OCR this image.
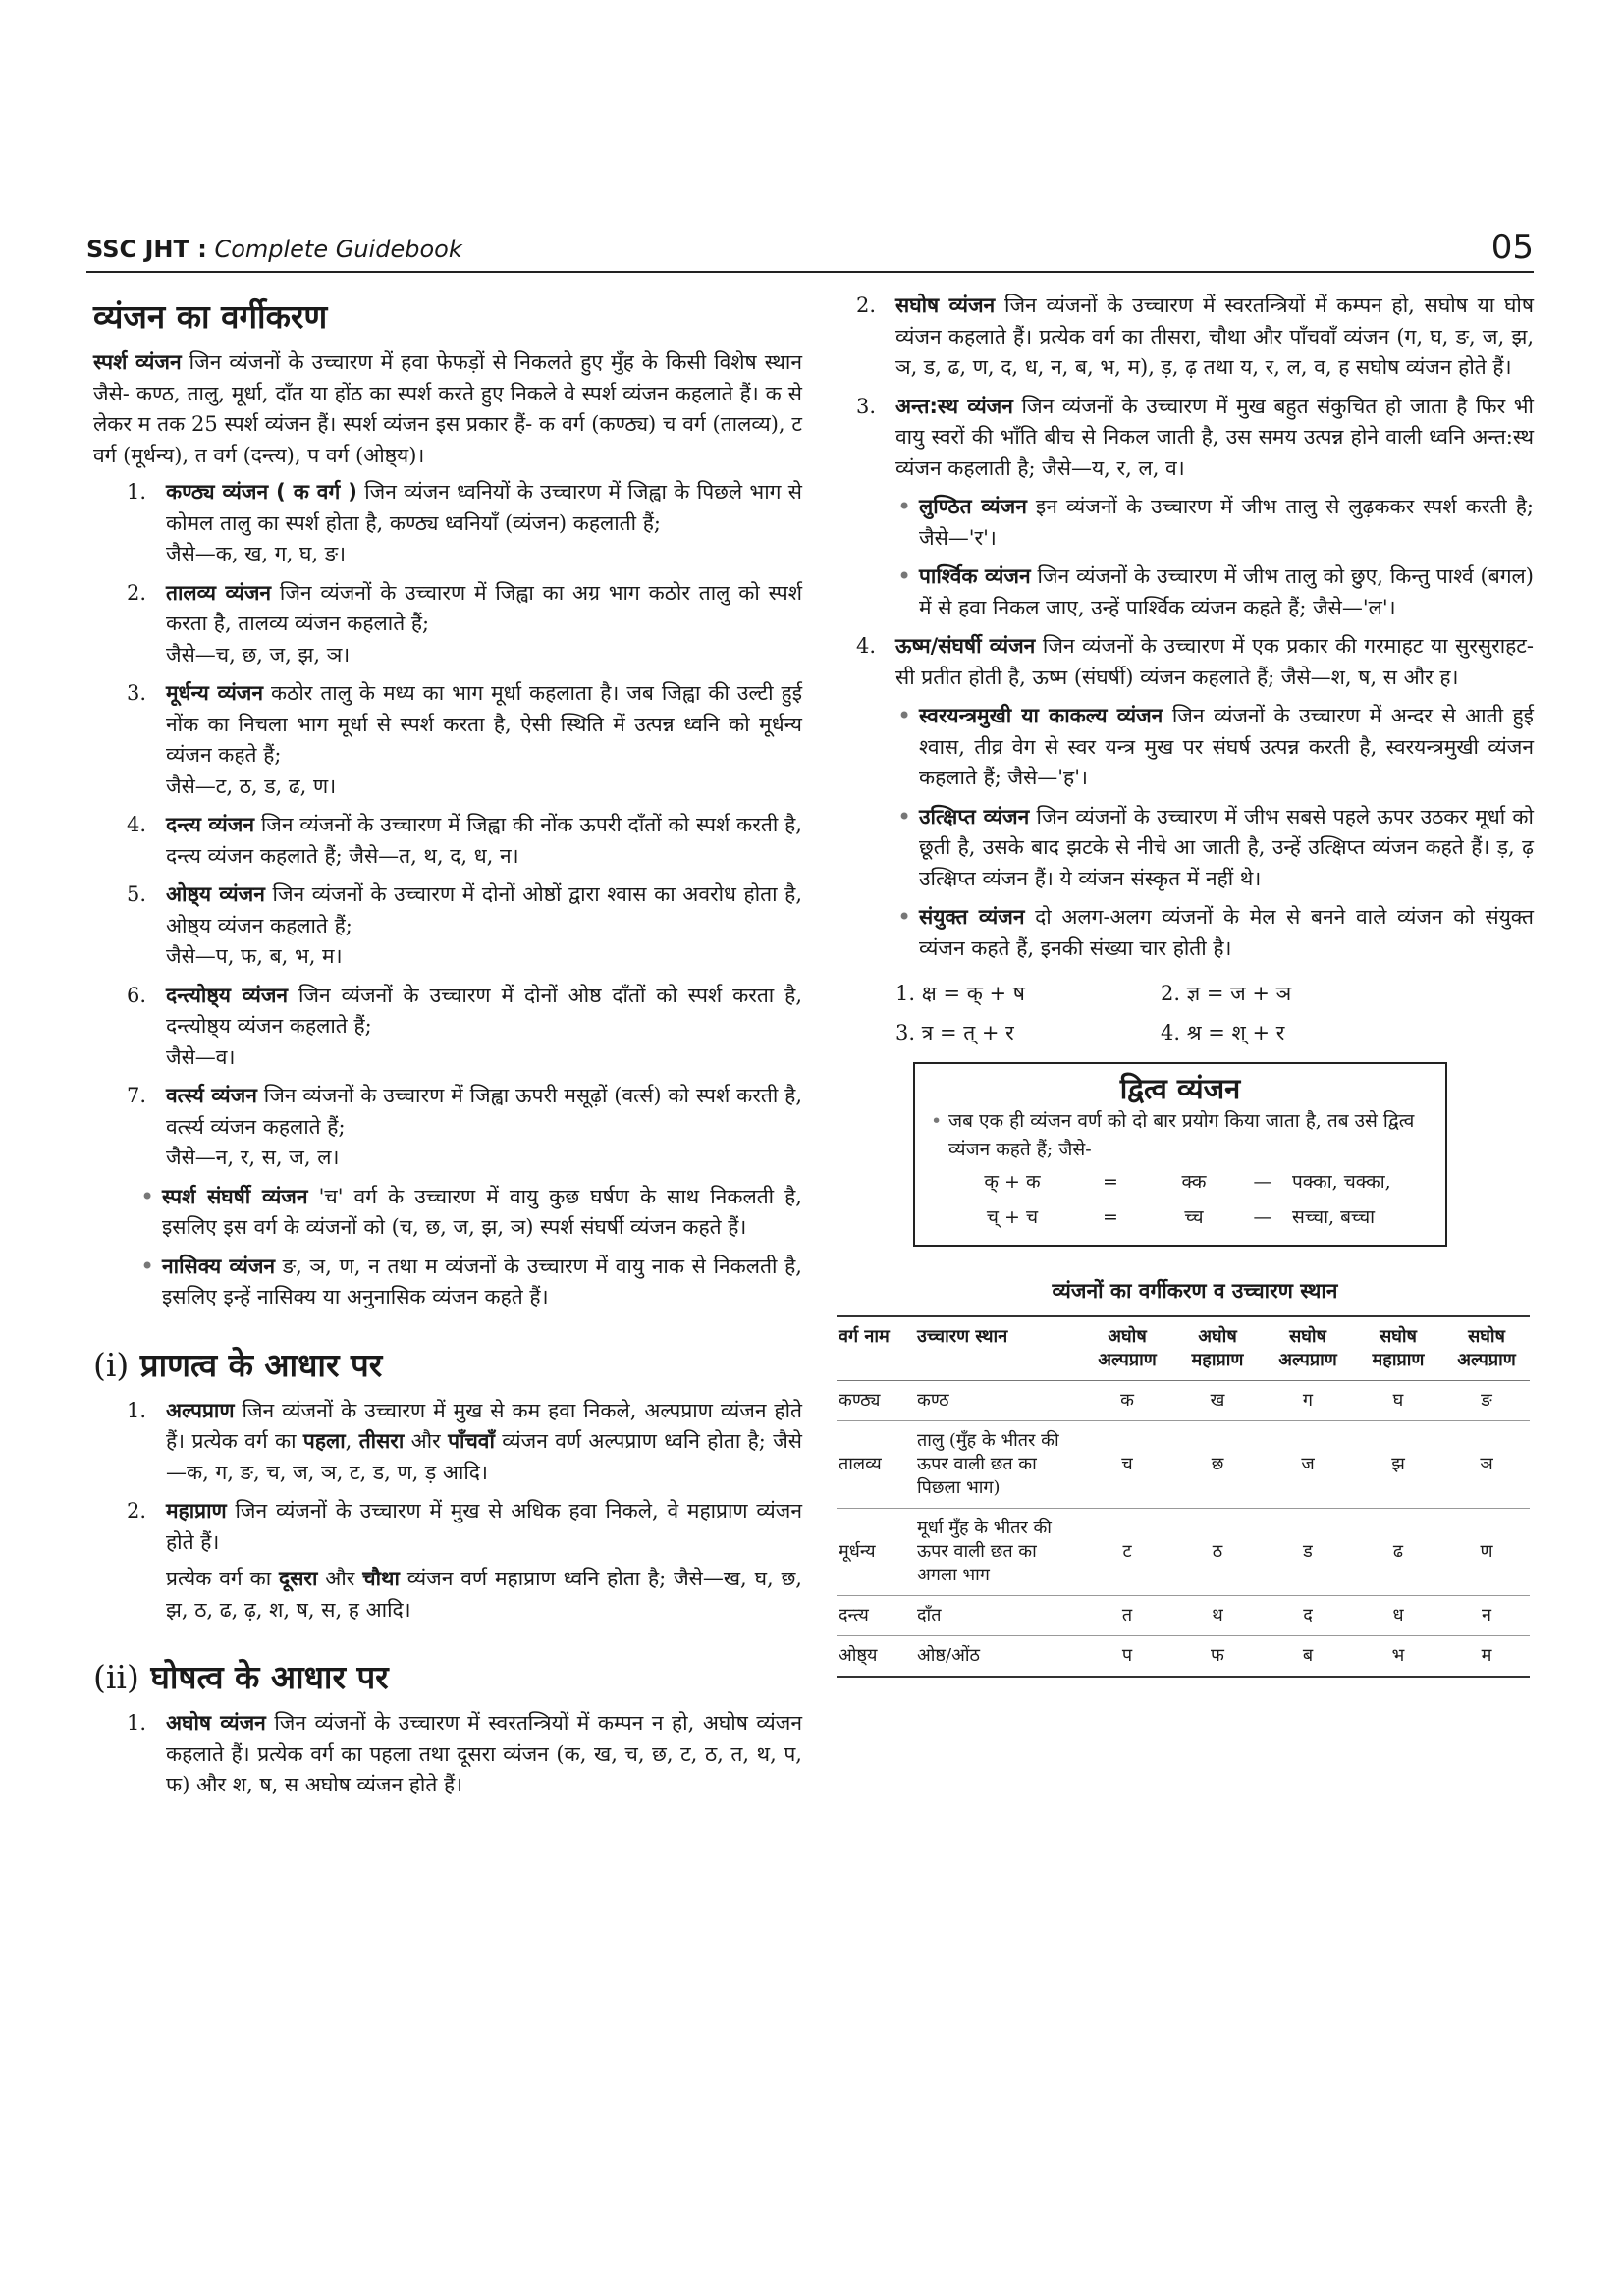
SSC JHT : Complete Guidebook	05
व्यंजन का वर्गीकरण

स्पर्श व्यंजन जिन व्यंजनों के उच्चारण में हवा फेफड़ों से निकलते हुए मुँह के किसी विशेष स्थान जैसे- कण्ठ, तालु, मूर्धा, दाँत या होंठ का स्पर्श करते हुए निकले वे स्पर्श व्यंजन कहलाते हैं। क से लेकर म तक 25 स्पर्श व्यंजन हैं। स्पर्श व्यंजन इस प्रकार हैं- क वर्ग (कण्ठ्य) च वर्ग (तालव्य), ट वर्ग (मूर्धन्य), त वर्ग (दन्त्य), प वर्ग (ओष्ठ्य)।

1. कण्ठ्य व्यंजन ( क वर्ग ) जिन व्यंजन ध्वनियों के उच्चारण में जिह्वा के पिछले भाग से कोमल तालु का स्पर्श होता है, कण्ठ्य ध्वनियाँ (व्यंजन) कहलाती हैं;
जैसे—क, ख, ग, घ, ङ।
2. तालव्य व्यंजन जिन व्यंजनों के उच्चारण में जिह्वा का अग्र भाग कठोर तालु को स्पर्श करता है, तालव्य व्यंजन कहलाते हैं;
जैसे—च, छ, ज, झ, ञ।
3. मूर्धन्य व्यंजन कठोर तालु के मध्य का भाग मूर्धा कहलाता है। जब जिह्वा की उल्टी हुई नोंक का निचला भाग मूर्धा से स्पर्श करता है, ऐसी स्थिति में उत्पन्न ध्वनि को मूर्धन्य व्यंजन कहते हैं;
जैसे—ट, ठ, ड, ढ, ण।
4. दन्त्य व्यंजन जिन व्यंजनों के उच्चारण में जिह्वा की नोंक ऊपरी दाँतों को स्पर्श करती है, दन्त्य व्यंजन कहलाते हैं; जैसे—त, थ, द, ध, न।
5. ओष्ठ्य व्यंजन जिन व्यंजनों के उच्चारण में दोनों ओष्ठों द्वारा श्वास का अवरोध होता है, ओष्ठ्य व्यंजन कहलाते हैं;
जैसे—प, फ, ब, भ, म।
6. दन्त्योष्ठ्य व्यंजन जिन व्यंजनों के उच्चारण में दोनों ओष्ठ दाँतों को स्पर्श करता है, दन्त्योष्ठ्य व्यंजन कहलाते हैं;
जैसे—व।
7. वर्त्स्य व्यंजन जिन व्यंजनों के उच्चारण में जिह्वा ऊपरी मसूढ़ों (वर्त्स) को स्पर्श करती है, वर्त्स्य व्यंजन कहलाते हैं;
जैसे—न, र, स, ज, ल।
• स्पर्श संघर्षी व्यंजन 'च' वर्ग के उच्चारण में वायु कुछ घर्षण के साथ निकलती है, इसलिए इस वर्ग के व्यंजनों को (च, छ, ज, झ, ञ) स्पर्श संघर्षी व्यंजन कहते हैं।
• नासिक्य व्यंजन ङ, ञ, ण, न तथा म व्यंजनों के उच्चारण में वायु नाक से निकलती है, इसलिए इन्हें नासिक्य या अनुनासिक व्यंजन कहते हैं।
(i) प्राणत्व के आधार पर
1. अल्पप्राण जिन व्यंजनों के उच्चारण में मुख से कम हवा निकले, अल्पप्राण व्यंजन होते हैं। प्रत्येक वर्ग का पहला, तीसरा और पाँचवाँ व्यंजन वर्ण अल्पप्राण ध्वनि होता है; जैसे—क, ग, ङ, च, ज, ञ, ट, ड, ण, ड़ आदि।
2. महाप्राण जिन व्यंजनों के उच्चारण में मुख से अधिक हवा निकले, वे महाप्राण व्यंजन होते हैं।
प्रत्येक वर्ग का दूसरा और चौथा व्यंजन वर्ण महाप्राण ध्वनि होता है; जैसे—ख, घ, छ, झ, ठ, ढ, ढ़, श, ष, स, ह आदि।
(ii) घोषत्व के आधार पर
1. अघोष व्यंजन जिन व्यंजनों के उच्चारण में स्वरतन्त्रियों में कम्पन न हो, अघोष व्यंजन कहलाते हैं। प्रत्येक वर्ग का पहला तथा दूसरा व्यंजन (क, ख, च, छ, ट, ठ, त, थ, प, फ) और श, ष, स अघोष व्यंजन होते हैं।
2. सघोष व्यंजन जिन व्यंजनों के उच्चारण में स्वरतन्त्रियों में कम्पन हो, सघोष या घोष व्यंजन कहलाते हैं। प्रत्येक वर्ग का तीसरा, चौथा और पाँचवाँ व्यंजन (ग, घ, ङ, ज, झ, ञ, ड, ढ, ण, द, ध, न, ब, भ, म), ड़, ढ़ तथा य, र, ल, व, ह सघोष व्यंजन होते हैं।
3. अन्त:स्थ व्यंजन जिन व्यंजनों के उच्चारण में मुख बहुत संकुचित हो जाता है फिर भी वायु स्वरों की भाँति बीच से निकल जाती है, उस समय उत्पन्न होने वाली ध्वनि अन्त:स्थ व्यंजन कहलाती है; जैसे—य, र, ल, व।
• लुण्ठित व्यंजन इन व्यंजनों के उच्चारण में जीभ तालु से लुढ़ककर स्पर्श करती है; जैसे—'र'।
• पार्श्विक व्यंजन जिन व्यंजनों के उच्चारण में जीभ तालु को छुए, किन्तु पार्श्व (बगल) में से हवा निकल जाए, उन्हें पार्श्विक व्यंजन कहते हैं; जैसे—'ल'।
4. ऊष्म/संघर्षी व्यंजन जिन व्यंजनों के उच्चारण में एक प्रकार की गरमाहट या सुरसुराहट-सी प्रतीत होती है, ऊष्म (संघर्षी) व्यंजन कहलाते हैं; जैसे—श, ष, स और ह।
• स्वरयन्त्रमुखी या काकल्य व्यंजन जिन व्यंजनों के उच्चारण में अन्दर से आती हुई श्वास, तीव्र वेग से स्वर यन्त्र मुख पर संघर्ष उत्पन्न करती है, स्वरयन्त्रमुखी व्यंजन कहलाते हैं; जैसे—'ह'।
• उत्क्षिप्त व्यंजन जिन व्यंजनों के उच्चारण में जीभ सबसे पहले ऊपर उठकर मूर्धा को छूती है, उसके बाद झटके से नीचे आ जाती है, उन्हें उत्क्षिप्त व्यंजन कहते हैं। ड़, ढ़ उत्क्षिप्त व्यंजन हैं। ये व्यंजन संस्कृत में नहीं थे।
• संयुक्त व्यंजन दो अलग-अलग व्यंजनों के मेल से बनने वाले व्यंजन को संयुक्त व्यंजन कहते हैं, इनकी संख्या चार होती है।
1. क्ष = क् + ष	2. ज्ञ = ज + ञ
3. त्र = त् + र	4. श्र = श् + र
द्वित्व व्यंजन
• जब एक ही व्यंजन वर्ण को दो बार प्रयोग किया जाता है, तब उसे द्वित्व व्यंजन कहते हैं; जैसे-
क् + क	=	क्क	—	पक्का, चक्का,
च् + च	=	च्च	—	सच्चा, बच्चा
व्यंजनों का वर्गीकरण व उच्चारण स्थान
वर्ग नाम	उच्चारण स्थान	अघोष अल्पप्राण	अघोष महाप्राण	सघोष अल्पप्राण	सघोष महाप्राण	सघोष अल्पप्राण
कण्ठ्य	कण्ठ	क	ख	ग	घ	ङ
तालव्य	तालु (मुँह के भीतर की ऊपर वाली छत का पिछला भाग)	च	छ	ज	झ	ञ
मूर्धन्य	मूर्धा मुँह के भीतर की ऊपर वाली छत का अगला भाग	ट	ठ	ड	ढ	ण
दन्त्य	दाँत	त	थ	द	ध	न
ओष्ठ्य	ओष्ठ/ओंठ	प	फ	ब	भ	म
